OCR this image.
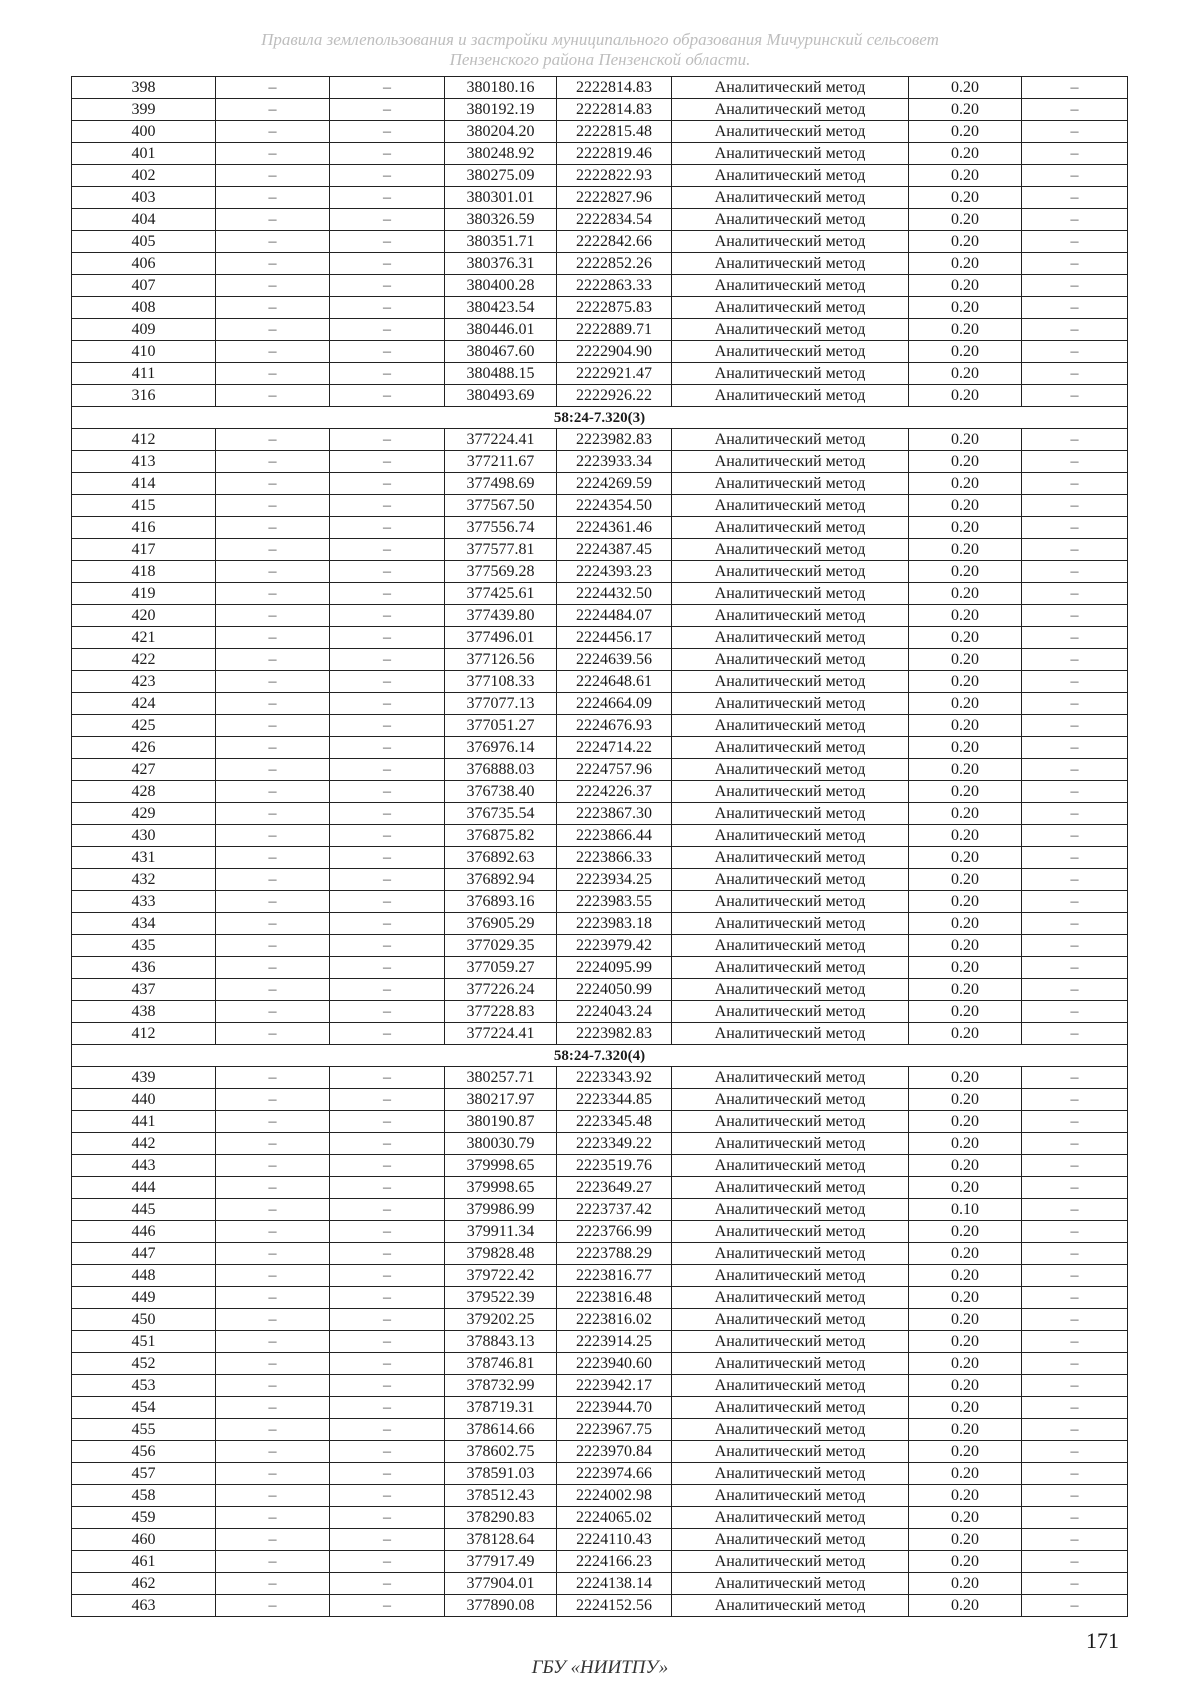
Правила землепользования и застройки муниципального образования Мичуринский сельсовет
Пензенского района Пензенской области.
398	–	–	380180.16	2222814.83	Аналитический метод	0.20	–
399	–	–	380192.19	2222814.83	Аналитический метод	0.20	–
400	–	–	380204.20	2222815.48	Аналитический метод	0.20	–
401	–	–	380248.92	2222819.46	Аналитический метод	0.20	–
402	–	–	380275.09	2222822.93	Аналитический метод	0.20	–
403	–	–	380301.01	2222827.96	Аналитический метод	0.20	–
404	–	–	380326.59	2222834.54	Аналитический метод	0.20	–
405	–	–	380351.71	2222842.66	Аналитический метод	0.20	–
406	–	–	380376.31	2222852.26	Аналитический метод	0.20	–
407	–	–	380400.28	2222863.33	Аналитический метод	0.20	–
408	–	–	380423.54	2222875.83	Аналитический метод	0.20	–
409	–	–	380446.01	2222889.71	Аналитический метод	0.20	–
410	–	–	380467.60	2222904.90	Аналитический метод	0.20	–
411	–	–	380488.15	2222921.47	Аналитический метод	0.20	–
316	–	–	380493.69	2222926.22	Аналитический метод	0.20	–
58:24-7.320(3)							
412	–	–	377224.41	2223982.83	Аналитический метод	0.20	–
413	–	–	377211.67	2223933.34	Аналитический метод	0.20	–
414	–	–	377498.69	2224269.59	Аналитический метод	0.20	–
415	–	–	377567.50	2224354.50	Аналитический метод	0.20	–
416	–	–	377556.74	2224361.46	Аналитический метод	0.20	–
417	–	–	377577.81	2224387.45	Аналитический метод	0.20	–
418	–	–	377569.28	2224393.23	Аналитический метод	0.20	–
419	–	–	377425.61	2224432.50	Аналитический метод	0.20	–
420	–	–	377439.80	2224484.07	Аналитический метод	0.20	–
421	–	–	377496.01	2224456.17	Аналитический метод	0.20	–
422	–	–	377126.56	2224639.56	Аналитический метод	0.20	–
423	–	–	377108.33	2224648.61	Аналитический метод	0.20	–
424	–	–	377077.13	2224664.09	Аналитический метод	0.20	–
425	–	–	377051.27	2224676.93	Аналитический метод	0.20	–
426	–	–	376976.14	2224714.22	Аналитический метод	0.20	–
427	–	–	376888.03	2224757.96	Аналитический метод	0.20	–
428	–	–	376738.40	2224226.37	Аналитический метод	0.20	–
429	–	–	376735.54	2223867.30	Аналитический метод	0.20	–
430	–	–	376875.82	2223866.44	Аналитический метод	0.20	–
431	–	–	376892.63	2223866.33	Аналитический метод	0.20	–
432	–	–	376892.94	2223934.25	Аналитический метод	0.20	–
433	–	–	376893.16	2223983.55	Аналитический метод	0.20	–
434	–	–	376905.29	2223983.18	Аналитический метод	0.20	–
435	–	–	377029.35	2223979.42	Аналитический метод	0.20	–
436	–	–	377059.27	2224095.99	Аналитический метод	0.20	–
437	–	–	377226.24	2224050.99	Аналитический метод	0.20	–
438	–	–	377228.83	2224043.24	Аналитический метод	0.20	–
412	–	–	377224.41	2223982.83	Аналитический метод	0.20	–
58:24-7.320(4)							
439	–	–	380257.71	2223343.92	Аналитический метод	0.20	–
440	–	–	380217.97	2223344.85	Аналитический метод	0.20	–
441	–	–	380190.87	2223345.48	Аналитический метод	0.20	–
442	–	–	380030.79	2223349.22	Аналитический метод	0.20	–
443	–	–	379998.65	2223519.76	Аналитический метод	0.20	–
444	–	–	379998.65	2223649.27	Аналитический метод	0.20	–
445	–	–	379986.99	2223737.42	Аналитический метод	0.10	–
446	–	–	379911.34	2223766.99	Аналитический метод	0.20	–
447	–	–	379828.48	2223788.29	Аналитический метод	0.20	–
448	–	–	379722.42	2223816.77	Аналитический метод	0.20	–
449	–	–	379522.39	2223816.48	Аналитический метод	0.20	–
450	–	–	379202.25	2223816.02	Аналитический метод	0.20	–
451	–	–	378843.13	2223914.25	Аналитический метод	0.20	–
452	–	–	378746.81	2223940.60	Аналитический метод	0.20	–
453	–	–	378732.99	2223942.17	Аналитический метод	0.20	–
454	–	–	378719.31	2223944.70	Аналитический метод	0.20	–
455	–	–	378614.66	2223967.75	Аналитический метод	0.20	–
456	–	–	378602.75	2223970.84	Аналитический метод	0.20	–
457	–	–	378591.03	2223974.66	Аналитический метод	0.20	–
458	–	–	378512.43	2224002.98	Аналитический метод	0.20	–
459	–	–	378290.83	2224065.02	Аналитический метод	0.20	–
460	–	–	378128.64	2224110.43	Аналитический метод	0.20	–
461	–	–	377917.49	2224166.23	Аналитический метод	0.20	–
462	–	–	377904.01	2224138.14	Аналитический метод	0.20	–
463	–	–	377890.08	2224152.56	Аналитический метод	0.20	–
171
ГБУ «НИИТПУ»
